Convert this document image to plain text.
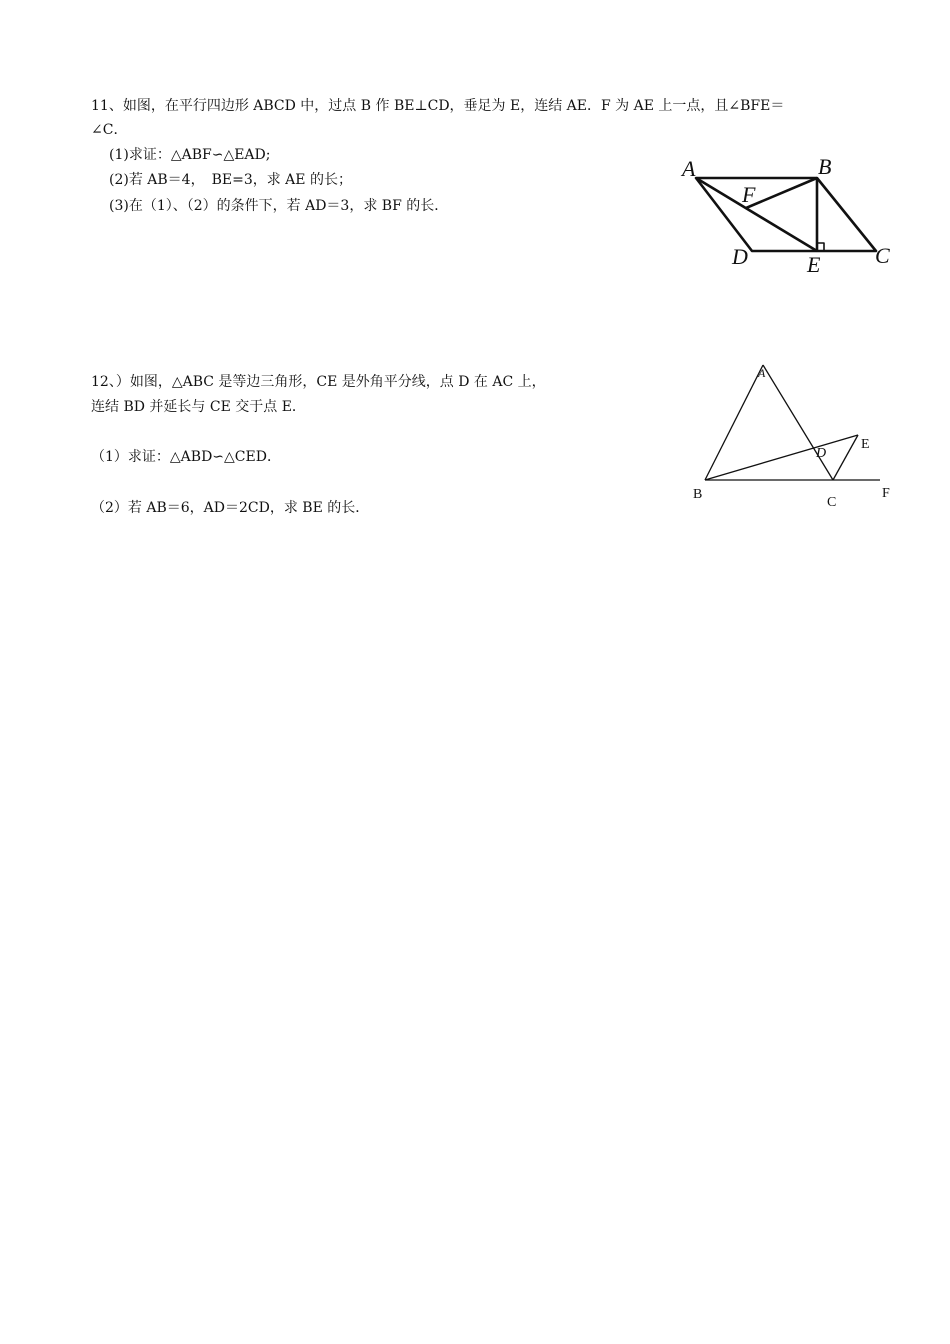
11、如图，在平行四边形 ABCD 中，过点 B 作 BE⊥CD，垂足为 E，连结 AE．F 为 AE 上一点，且∠BFE＝
∠C．
(1)求证：△ABF∽△EAD;
(2)若 AB＝4，　BE=3，求 AE 的长；
(3)在（1）、（2）的条件下，若 AD＝3，求 BF 的长．
A	B
F
D	E C
12、）如图，△ABC 是等边三角形，CE 是外角平分线，点 D 在 AC 上，
连结 BD 并延长与 CE 交于点 E．
（1）求证：△ABD∽△CED．
（2）若 AB＝6，AD＝2CD，求 BE 的长．
A
B
C
D
E
F
